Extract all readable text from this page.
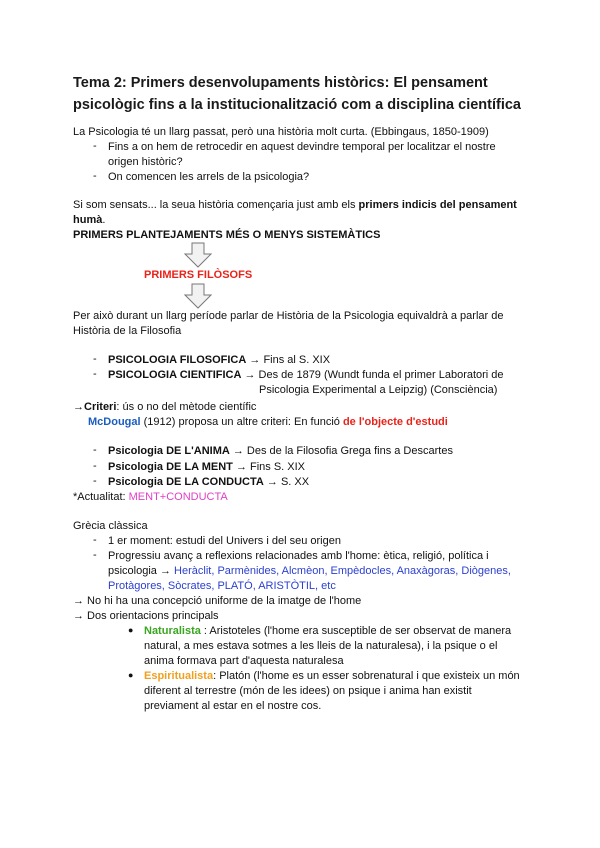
Tema 2: Primers desenvolupaments històrics: El pensament psicològic fins a la institucionalització com a disciplina científica
La Psicologia té un llarg passat, però una història molt curta. (Ebbingaus, 1850-1909)
- Fins a on hem de retrocedir en aquest devindre temporal per localitzar el nostre
origen històric?
- On comencen les arrels de la psicologia?
Si som sensats... la seua història començaria just amb els primers indicis del pensament
humà.
PRIMERS PLANTEJAMENTS MÉS O MENYS SISTEMÀTICS
PRIMERS FILÒSOFS
Per això durant un llarg període parlar de Història de la Psicologia equivaldrà a parlar de
Història de la Filosofia
- PSICOLOGIA FILOSOFICA → Fins al S. XIX
- PSICOLOGIA CIENTIFICA → Des de 1879 (Wundt funda el primer Laboratori de
Psicologia Experimental a Leipzig) (Consciència)
→Criteri: ús o no del mètode científic
McDougal (1912) proposa un altre criteri: En funció de l'objecte d'estudi
- Psicologia DE L'ANIMA → Des de la Filosofia Grega fins a Descartes
- Psicologia DE LA MENT → Fins S. XIX
- Psicologia DE LA CONDUCTA → S. XX
*Actualitat: MENT+CONDUCTA
Grècia clàssica
- 1 er moment: estudi del Univers i del seu origen
- Progressiu avanç a reflexions relacionades amb l'home: ètica, religió, política i
psicologia → Heràclit, Parmènides, Alcmèon, Empèdocles, Anaxàgoras, Diògenes,
Protàgores, Sòcrates, PLATÓ, ARISTÒTIL, etc
→ No hi ha una concepció uniforme de la imatge de l'home
→ Dos orientacions principals
● Naturalista : Aristoteles (l'home era susceptible de ser observat de manera
natural, a mes estava sotmes a les lleis de la naturalesa), i la psique o el
anima formava part d'aquesta naturalesa
● Espiritualista: Platón (l'home es un esser sobrenatural i que existeix un món
diferent al terrestre (món de les idees) on psique i anima han existit
previament al estar en el nostre cos.
